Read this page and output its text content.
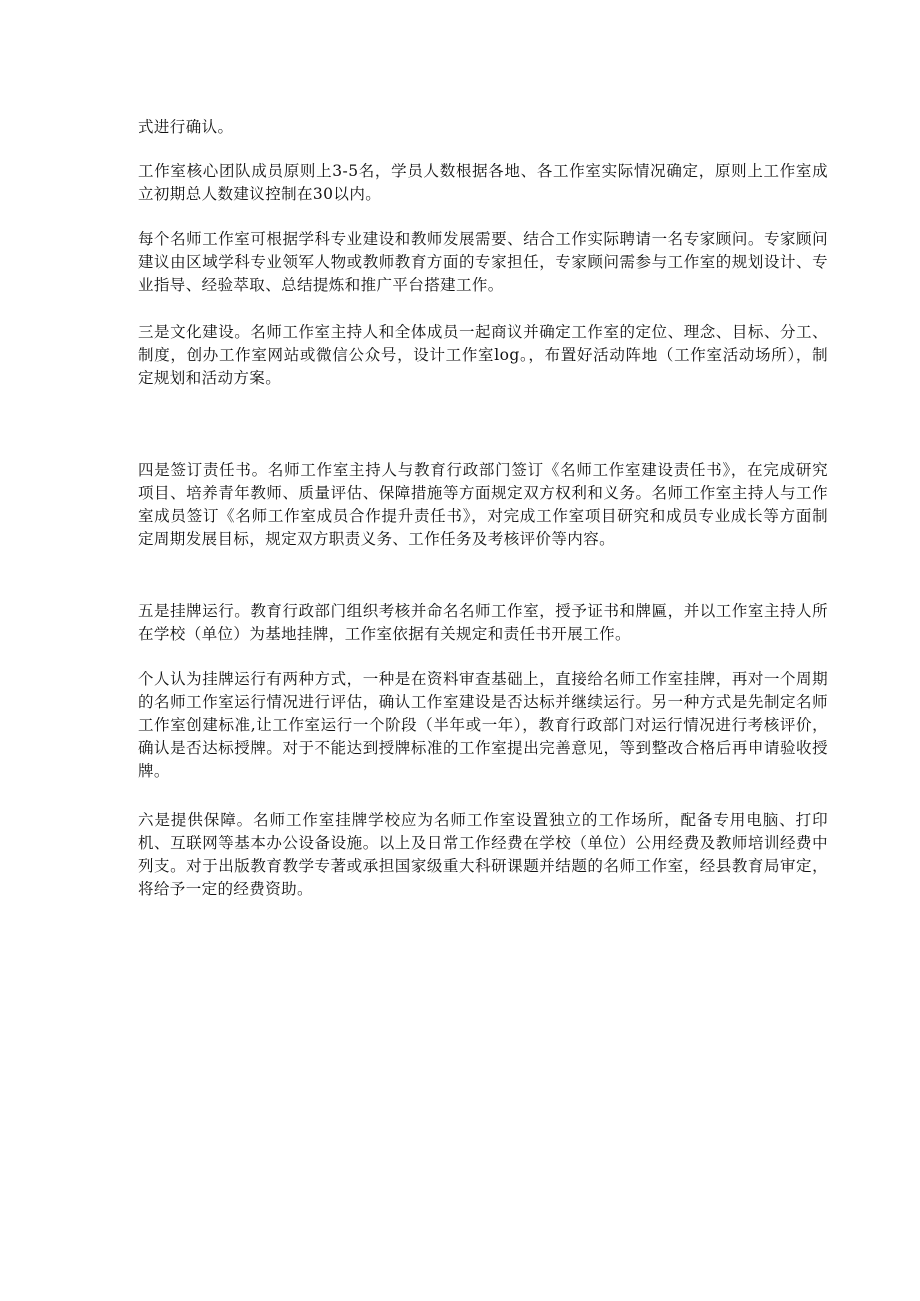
式进行确认。

工作室核心团队成员原则上3-5名，学员人数根据各地、各工作室实际情况确定，原则上工作室成立初期总人数建议控制在30以内。

每个名师工作室可根据学科专业建设和教师发展需要、结合工作实际聘请一名专家顾问。专家顾问建议由区域学科专业领军人物或教师教育方面的专家担任，专家顾问需参与工作室的规划设计、专业指导、经验萃取、总结提炼和推广平台搭建工作。

三是文化建设。名师工作室主持人和全体成员一起商议并确定工作室的定位、理念、目标、分工、制度，创办工作室网站或微信公众号，设计工作室log。，布置好活动阵地（工作室活动场所），制定规划和活动方案。

四是签订责任书。名师工作室主持人与教育行政部门签订《名师工作室建设责任书》，在完成研究项目、培养青年教师、质量评估、保障措施等方面规定双方权利和义务。名师工作室主持人与工作室成员签订《名师工作室成员合作提升责任书》，对完成工作室项目研究和成员专业成长等方面制定周期发展目标，规定双方职责义务、工作任务及考核评价等内容。

五是挂牌运行。教育行政部门组织考核并命名名师工作室，授予证书和牌匾，并以工作室主持人所在学校（单位）为基地挂牌，工作室依据有关规定和责任书开展工作。

个人认为挂牌运行有两种方式，一种是在资料审查基础上，直接给名师工作室挂牌，再对一个周期的名师工作室运行情况进行评估，确认工作室建设是否达标并继续运行。另一种方式是先制定名师工作室创建标准,让工作室运行一个阶段（半年或一年），教育行政部门对运行情况进行考核评价，确认是否达标授牌。对于不能达到授牌标准的工作室提出完善意见，等到整改合格后再申请验收授牌。

六是提供保障。名师工作室挂牌学校应为名师工作室设置独立的工作场所，配备专用电脑、打印机、互联网等基本办公设备设施。以上及日常工作经费在学校（单位）公用经费及教师培训经费中列支。对于出版教育教学专著或承担国家级重大科研课题并结题的名师工作室，经县教育局审定，将给予一定的经费资助。
